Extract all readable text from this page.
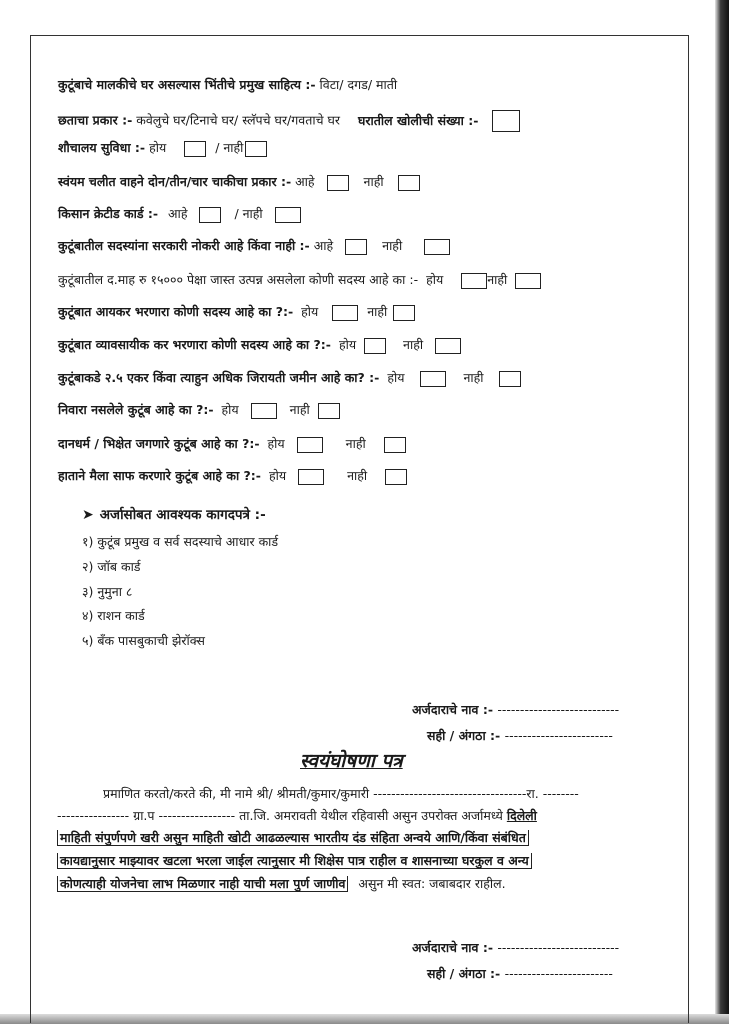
कुटूंबाचे मालकीचे घर असल्यास भिंतीचे प्रमुख साहित्य :- विटा/ दगड/ माती
छताचा प्रकार :- कवेलुचे घर/टिनाचे घर/ स्लॅपचे घर/गवताचे घर घरातील खोलीची संख्या :-
शौचालय सुविधा :- होय	/ नाही
स्वंयम चलीत वाहने दोन/तीन/चार चाकीचा प्रकार :- आहे	नाही
किसान क्रेटीड कार्ड :- आहे	/ नाही
कुटूंबातील सदस्यांना सरकारी नोकरी आहे किंवा नाही :- आहे	नाही
कुटूंबातील द.माह रु १५००० पेक्षा जास्त उत्पन्न असलेला कोणी सदस्य आहे का :- होय	नाही
कुटूंबात आयकर भरणारा कोणी सदस्य आहे का ?:- होय	नाही
कुटूंबात व्यावसायीक कर भरणारा कोणी सदस्य आहे का ?:- होय	नाही
कुटूंबाकडे २.५ एकर किंवा त्याहुन अधिक जिरायती जमीन आहे का? :- होय	नाही
निवारा नसलेले कुटूंब आहे का ?:- होय	नाही
दानधर्म / भिक्षेत जगणारे कुटूंब आहे का ?:- होय	नाही
हाताने मैला साफ करणारे कुटूंब आहे का ?:- होय	नाही
➤ अर्जासोबत आवश्यक कागदपत्रे :-
१) कुटूंब प्रमुख व सर्व सदस्याचे आधार कार्ड
२) जॉब कार्ड
३) नुमुना ८
४) राशन कार्ड
५) बँक पासबुकाची झेरॉक्स
अर्जदाराचे नाव :- ---------------------------
सही / अंगठा :- ------------------------
स्वयंघोषणा पत्र
प्रमाणित करतो/करते की, मी नामे श्री/ श्रीमती/कुमार/कुमारी ----------------------------------रा. --------
---------------- ग्रा.प ----------------- ता.जि. अमरावती येथील रहिवासी असुन उपरोक्त अर्जामध्ये दिलेली
माहिती संपुर्णपणे खरी असुन माहिती खोटी आढळल्यास भारतीय दंड संहिता अन्वये आणि/किंवा संबंधित
कायद्यानुसार माझ्यावर खटला भरला जाईल त्यानुसार मी शिक्षेस पात्र राहील व शासनाच्या घरकुल व अन्य
कोणत्याही योजनेचा लाभ मिळणार नाही याची मला पुर्ण जाणीव असुन मी स्वत: जबाबदार राहील.
अर्जदाराचे नाव :- ---------------------------
सही / अंगठा :- ------------------------
